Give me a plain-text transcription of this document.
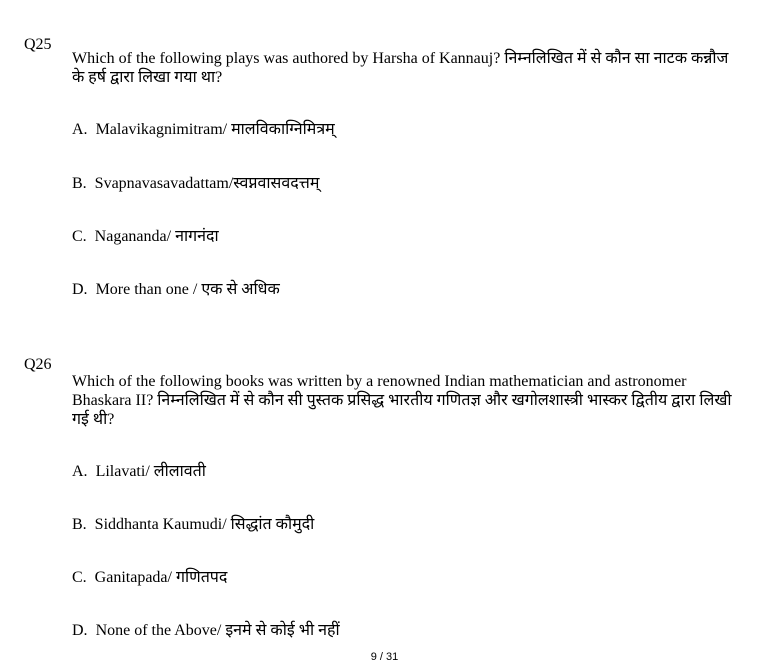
Q25
Which of the following plays was authored by Harsha of Kannauj? निम्नलिखित में से कौन सा नाटक कन्नौज के हर्ष द्वारा लिखा गया था?
A. Malavikagnimitram/ मालविकाग्निमित्रम्
B. Svapnavasavadattam/स्वप्नवासवदत्तम्
C. Nagananda/ नागनंदा
D. More than one / एक से अधिक
Q26
Which of the following books was written by a renowned Indian mathematician and astronomer Bhaskara II? निम्नलिखित में से कौन सी पुस्तक प्रसिद्ध भारतीय गणितज्ञ और खगोलशास्त्री भास्कर द्वितीय द्वारा लिखी गई थी?
A. Lilavati/ लीलावती
B. Siddhanta Kaumudi/ सिद्धांत कौमुदी
C. Ganitapada/ गणितपद
D. None of the Above/ इनमे से कोई भी नहीं
9 / 31
